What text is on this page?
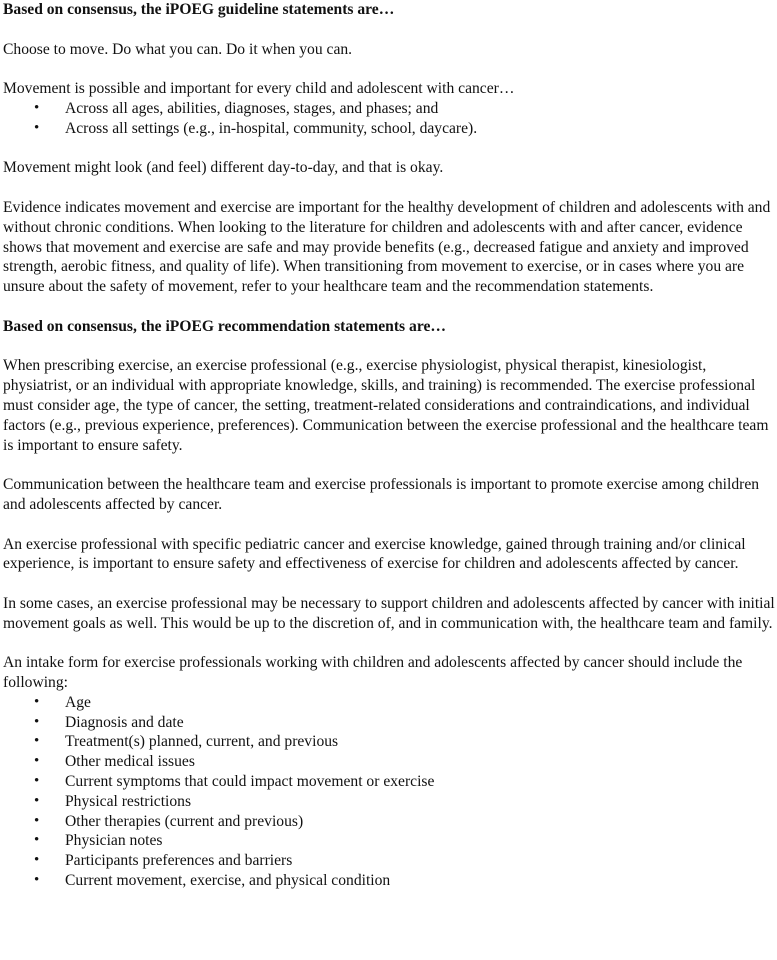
Based on consensus, the iPOEG guideline statements are…

Choose to move. Do what you can. Do it when you can.

Movement is possible and important for every child and adolescent with cancer…

• Across all ages, abilities, diagnoses, stages, and phases; and
• Across all settings (e.g., in-hospital, community, school, daycare).

Movement might look (and feel) different day-to-day, and that is okay.

Evidence indicates movement and exercise are important for the healthy development of children and adolescents with and without chronic conditions. When looking to the literature for children and adolescents with and after cancer, evidence shows that movement and exercise are safe and may provide benefits (e.g., decreased fatigue and anxiety and improved strength, aerobic fitness, and quality of life). When transitioning from movement to exercise, or in cases where you are unsure about the safety of movement, refer to your healthcare team and the recommendation statements.

Based on consensus, the iPOEG recommendation statements are…

When prescribing exercise, an exercise professional (e.g., exercise physiologist, physical therapist, kinesiologist, physiatrist, or an individual with appropriate knowledge, skills, and training) is recommended. The exercise professional must consider age, the type of cancer, the setting, treatment-related considerations and contraindications, and individual factors (e.g., previous experience, preferences). Communication between the exercise professional and the healthcare team is important to ensure safety.

Communication between the healthcare team and exercise professionals is important to promote exercise among children and adolescents affected by cancer.

An exercise professional with specific pediatric cancer and exercise knowledge, gained through training and/or clinical experience, is important to ensure safety and effectiveness of exercise for children and adolescents affected by cancer.

In some cases, an exercise professional may be necessary to support children and adolescents affected by cancer with initial movement goals as well. This would be up to the discretion of, and in communication with, the healthcare team and family.

An intake form for exercise professionals working with children and adolescents affected by cancer should include the following:

• Age
• Diagnosis and date
• Treatment(s) planned, current, and previous
• Other medical issues
• Current symptoms that could impact movement or exercise
• Physical restrictions
• Other therapies (current and previous)
• Physician notes
• Participants preferences and barriers
• Current movement, exercise, and physical condition
